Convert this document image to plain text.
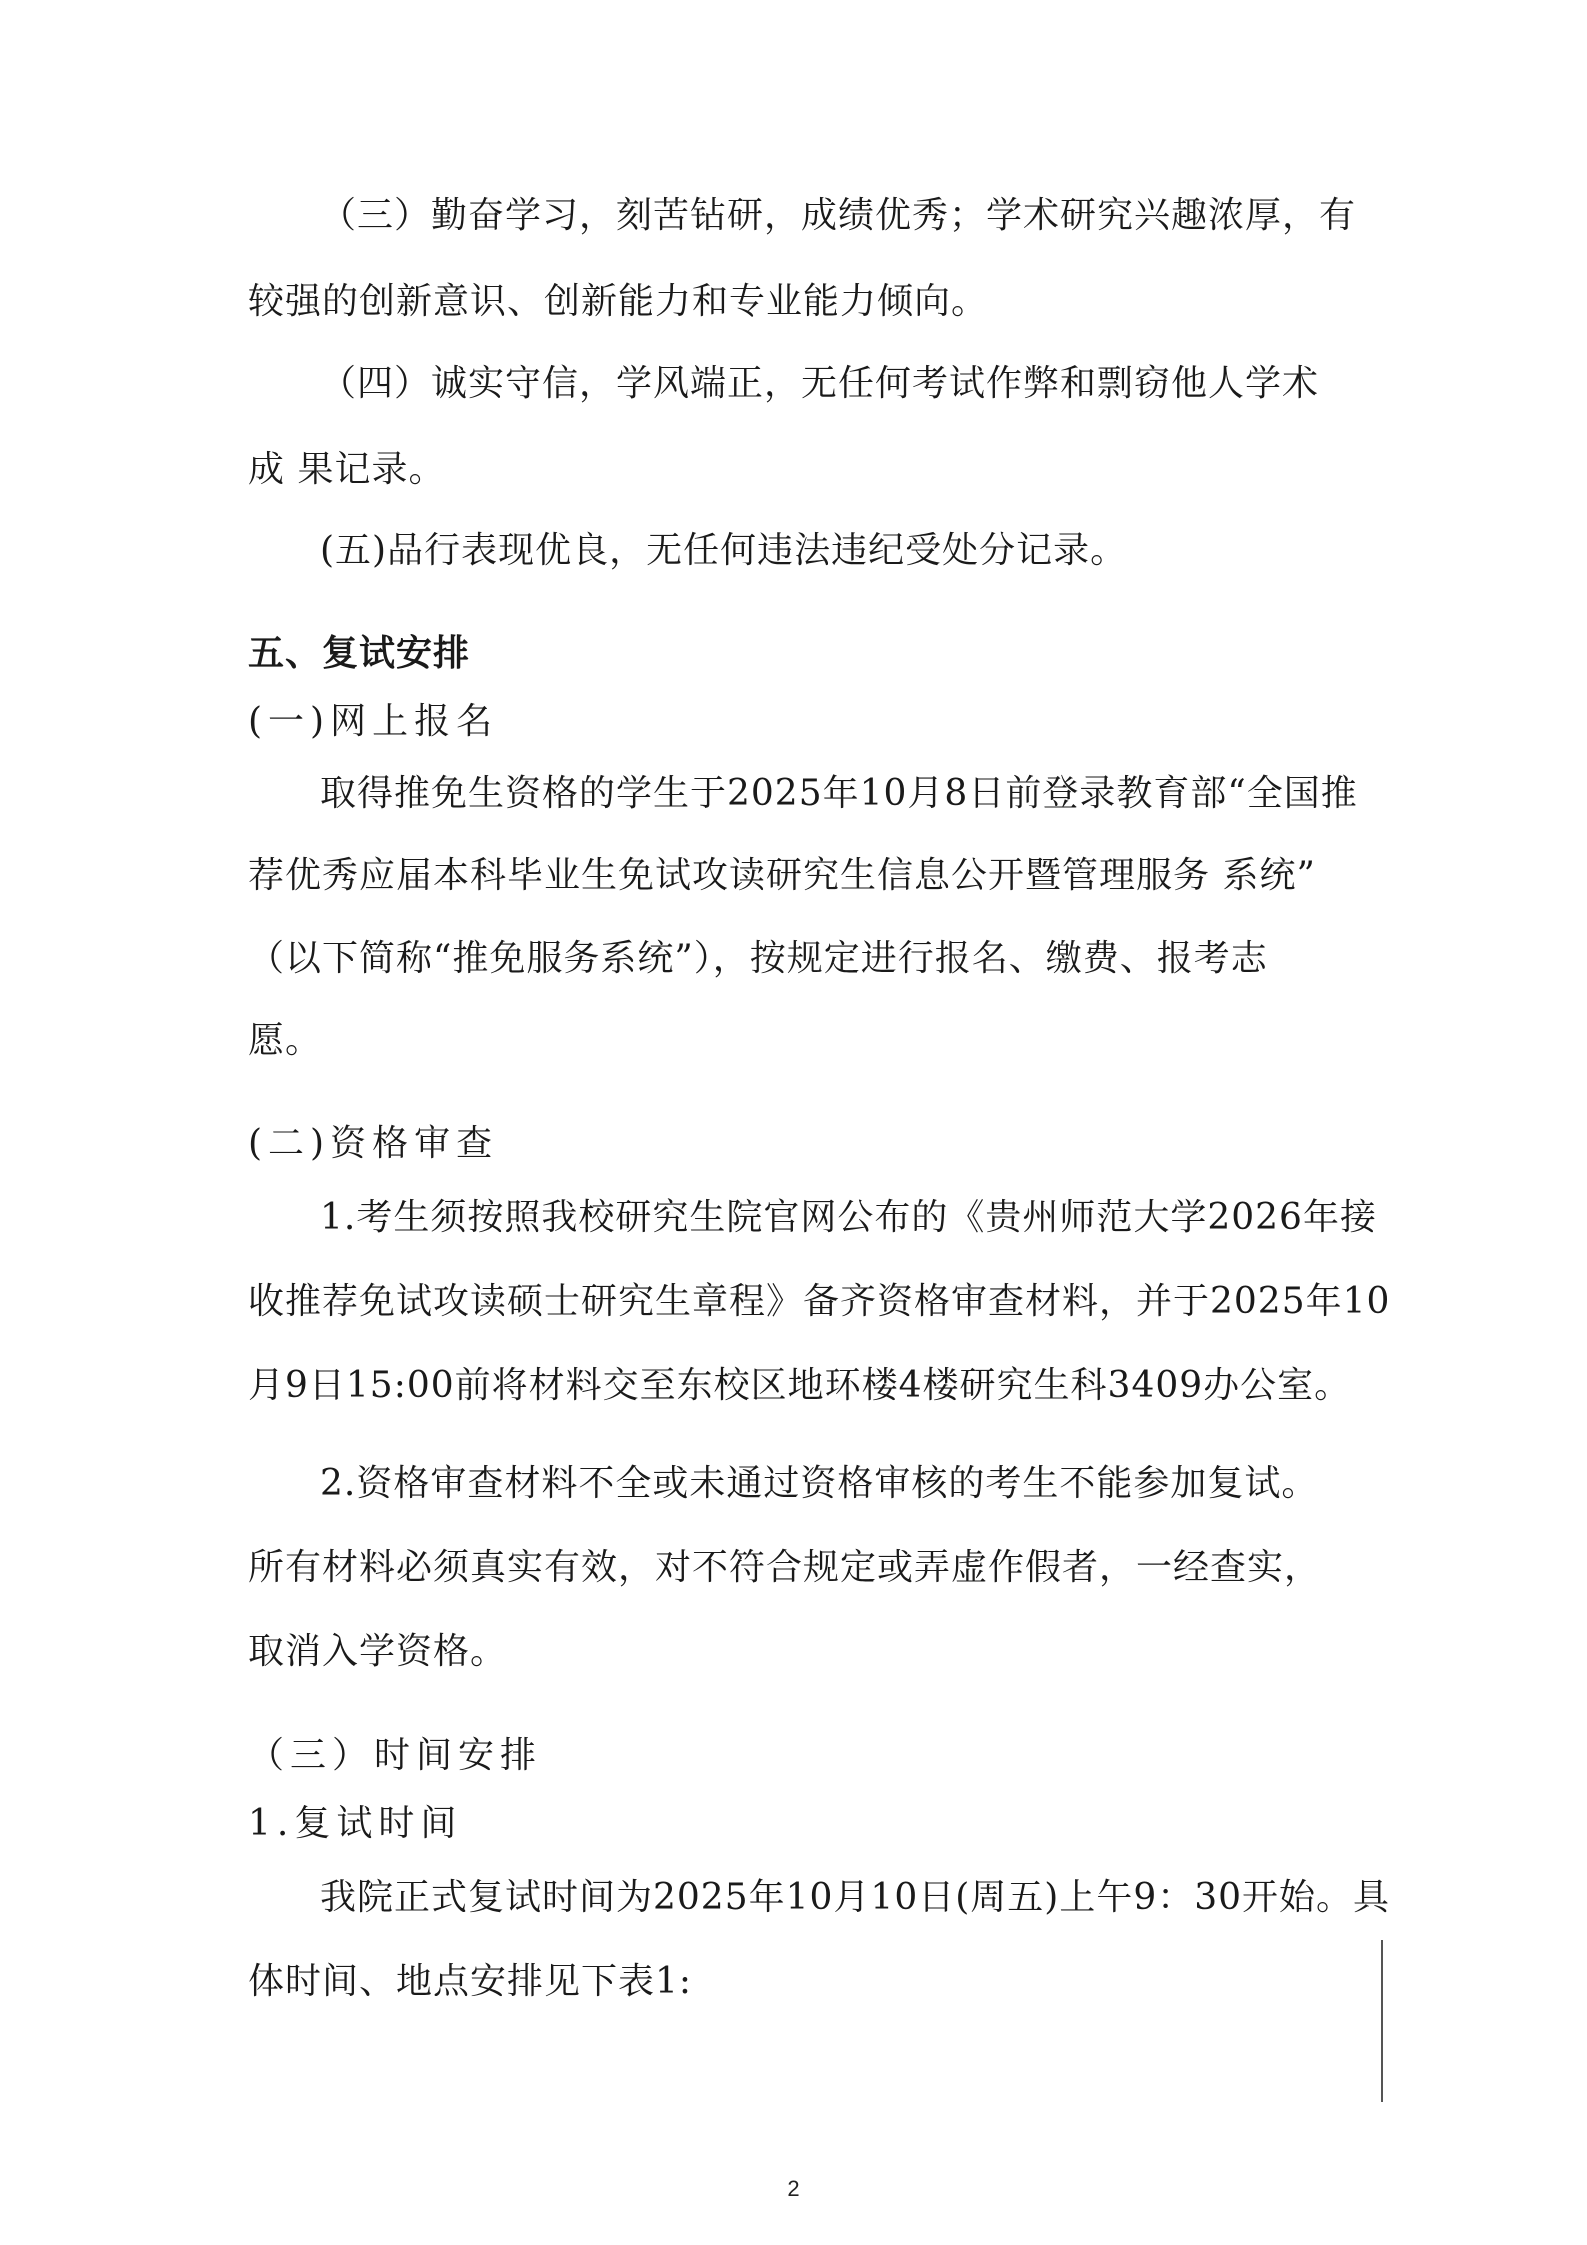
（三）勤奋学习，刻苦钻研，成绩优秀；学术研究兴趣浓厚，有
较强的创新意识、创新能力和专业能力倾向。
（四）诚实守信，学风端正，无任何考试作弊和剽窃他人学术
成 果记录。
(五)品行表现优良，无任何违法违纪受处分记录。
五、复试安排
(一)网上报名
取得推免生资格的学生于2025年10月8日前登录教育部“全国推
荐优秀应届本科毕业生免试攻读研究生信息公开暨管理服务 系统”
（以下简称“推免服务系统”），按规定进行报名、缴费、报考志
愿。
(二)资格审查
1.考生须按照我校研究生院官网公布的《贵州师范大学2026年接
收推荐免试攻读硕士研究生章程》备齐资格审查材料，并于2025年10
月9日15:00前将材料交至东校区地环楼4楼研究生科3409办公室。
2.资格审查材料不全或未通过资格审核的考生不能参加复试。
所有材料必须真实有效，对不符合规定或弄虚作假者，一经查实，
取消入学资格。
（三）时间安排
1.复试时间
我院正式复试时间为2025年10月10日(周五)上午9：30开始。具
体时间、地点安排见下表1:
2
